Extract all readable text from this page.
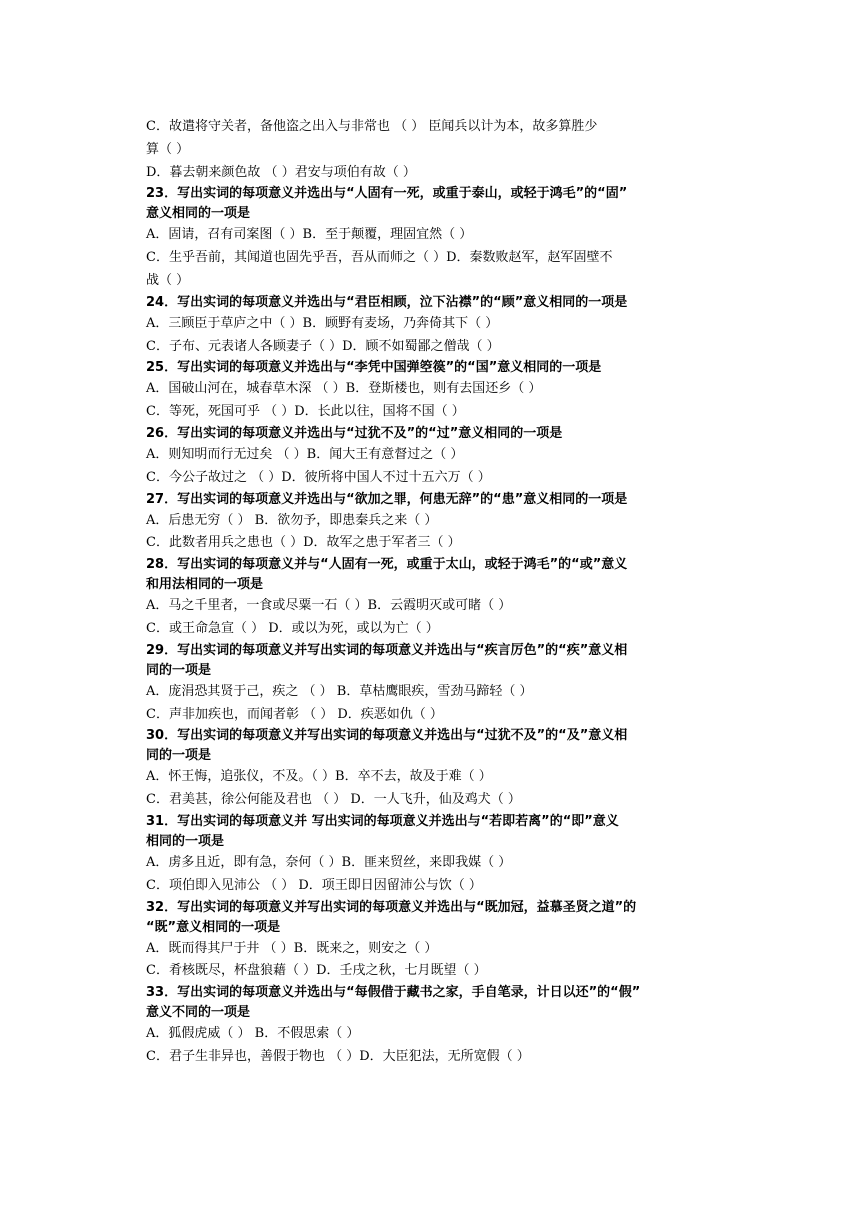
C．故遣将守关者，备他盗之出入与非常也 （ ） 臣闻兵以计为本，故多算胜少
算（ ）
D．暮去朝来颜色故 （ ）君安与项伯有故（ ）
23．写出实词的每项意义并选出与“人固有一死，或重于泰山，或轻于鸿毛”的“固”
意义相同的一项是
A．固请，召有司案图（ ）B．至于颠覆，理固宜然（ ）
C．生乎吾前，其闻道也固先乎吾，吾从而师之（ ）D．秦数败赵军，赵军固壁不
战（ ）
24．写出实词的每项意义并选出与“君臣相顾，泣下沾襟”的“顾”意义相同的一项是
A．三顾臣于草庐之中（ ）B．顾野有麦场，乃奔倚其下（ ）
C．子布、元表诸人各顾妻子（ ）D．顾不如蜀鄙之僧哉（ ）
25．写出实词的每项意义并选出与“李凭中国弹箜篌”的“国”意义相同的一项是
A．国破山河在，城春草木深 （ ）B．登斯楼也，则有去国还乡（ ）
C．等死，死国可乎 （ ）D．长此以往，国将不国（ ）
26．写出实词的每项意义并选出与“过犹不及”的“过”意义相同的一项是
A．则知明而行无过矣 （ ）B．闻大王有意督过之（ ）
C．今公子故过之 （ ）D．彼所将中国人不过十五六万（ ）
27．写出实词的每项意义并选出与“欲加之罪，何患无辞”的“患”意义相同的一项是
A．后患无穷（ ） B．欲勿予，即患秦兵之来（ ）
C．此数者用兵之患也（ ）D．故军之患于军者三（ ）
28．写出实词的每项意义并与“人固有一死，或重于太山，或轻于鸿毛”的“或”意义
和用法相同的一项是
A．马之千里者，一食或尽粟一石（ ）B．云霞明灭或可睹（ ）
C．或王命急宣（ ） D．或以为死，或以为亡（ ）
29．写出实词的每项意义并写出实词的每项意义并选出与“疾言厉色”的“疾”意义相
同的一项是
A．庞涓恐其贤于己，疾之 （ ） B．草枯鹰眼疾，雪劲马蹄轻（ ）
C．声非加疾也，而闻者彰 （ ） D．疾恶如仇（ ）
30．写出实词的每项意义并写出实词的每项意义并选出与“过犹不及”的“及”意义相
同的一项是
A．怀王悔，追张仪，不及。（ ）B．卒不去，故及于难（ ）
C．君美甚，徐公何能及君也 （ ） D．一人飞升，仙及鸡犬（ ）
31．写出实词的每项意义并 写出实词的每项意义并选出与“若即若离”的“即”意义
相同的一项是
A．虏多且近，即有急，奈何（ ）B．匪来贸丝，来即我媒（ ）
C．项伯即入见沛公 （ ） D．项王即日因留沛公与饮（ ）
32．写出实词的每项意义并写出实词的每项意义并选出与“既加冠，益慕圣贤之道”的
“既”意义相同的一项是
A．既而得其尸于井 （ ）B．既来之，则安之（ ）
C．肴核既尽，杯盘狼藉（ ）D．壬戌之秋，七月既望（ ）
33．写出实词的每项意义并选出与“每假借于藏书之家，手自笔录，计日以还”的“假”
意义不同的一项是
A．狐假虎威（ ） B．不假思索（ ）
C．君子生非异也，善假于物也 （ ）D．大臣犯法，无所宽假（ ）
